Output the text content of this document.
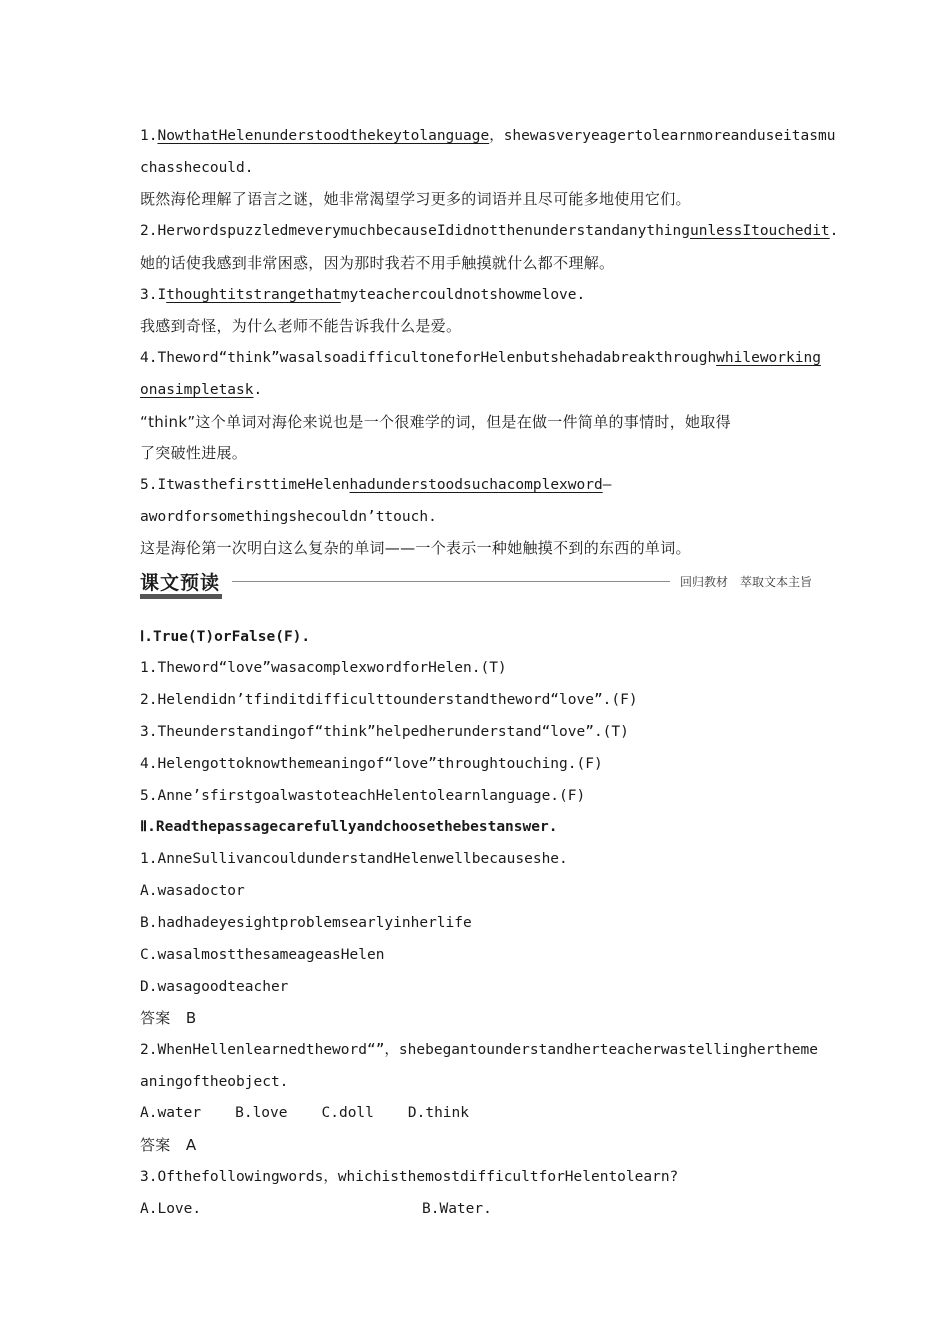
1.NowthatHelenunderstoodthekeytolanguage，shewasveryeagertolearnmoreanduseitasmu
chasshecould.
既然海伦理解了语言之谜，她非常渴望学习更多的词语并且尽可能多地使用它们。
2.HerwordspuzzledmeverymuchbecauseIdidnotthenunderstandanythingunlessItouchedit.
她的话使我感到非常困惑，因为那时我若不用手触摸就什么都不理解。
3.Ithoughtitstrangethatmyteachercouldnotshowmelove.
我感到奇怪，为什么老师不能告诉我什么是爱。
4.Theword“think”wasalsoadifficultoneforHelenbutshehadabreakthroughwhileworking
onasimpletask.
“think”这个单词对海伦来说也是一个很难学的词，但是在做一件简单的事情时，她取得
了突破性进展。
5.ItwasthefirsttimeHelenhadunderstoodsuchacomplexword—
awordforsomethingshecouldn’ttouch.
这是海伦第一次明白这么复杂的单词——一个表示一种她触摸不到的东西的单词。
课文预读	回归教材　萃取文本主旨
Ⅰ.True(T)orFalse(F).
1.Theword“love”wasacomplexwordforHelen.(T)
2.Helendidn’tfinditdifficulttounderstandtheword“love”.(F)
3.Theunderstandingof“think”helpedherunderstand“love”.(T)
4.Helengottoknowthemeaningof“love”throughtouching.(F)
5.Anne’sfirstgoalwastoteachHelentolearnlanguage.(F)
Ⅱ.Readthepassagecarefullyandchoosethebestanswer.
1.AnneSullivancouldunderstandHelenwellbecauseshe.
A.wasadoctor
B.hadhadeyesightproblemsearlyinherlife
C.wasalmostthesameageasHelen
D.wasagoodteacher
答案　B
2.WhenHellenlearnedtheword“”，shebegantounderstandherteacherwastellinghertheme
aningoftheobject.
A.water B.love C.doll D.think
答案　A
3.Ofthefollowingwords，whichisthemostdifficultforHelentolearn?
A.Love.	B.Water.
